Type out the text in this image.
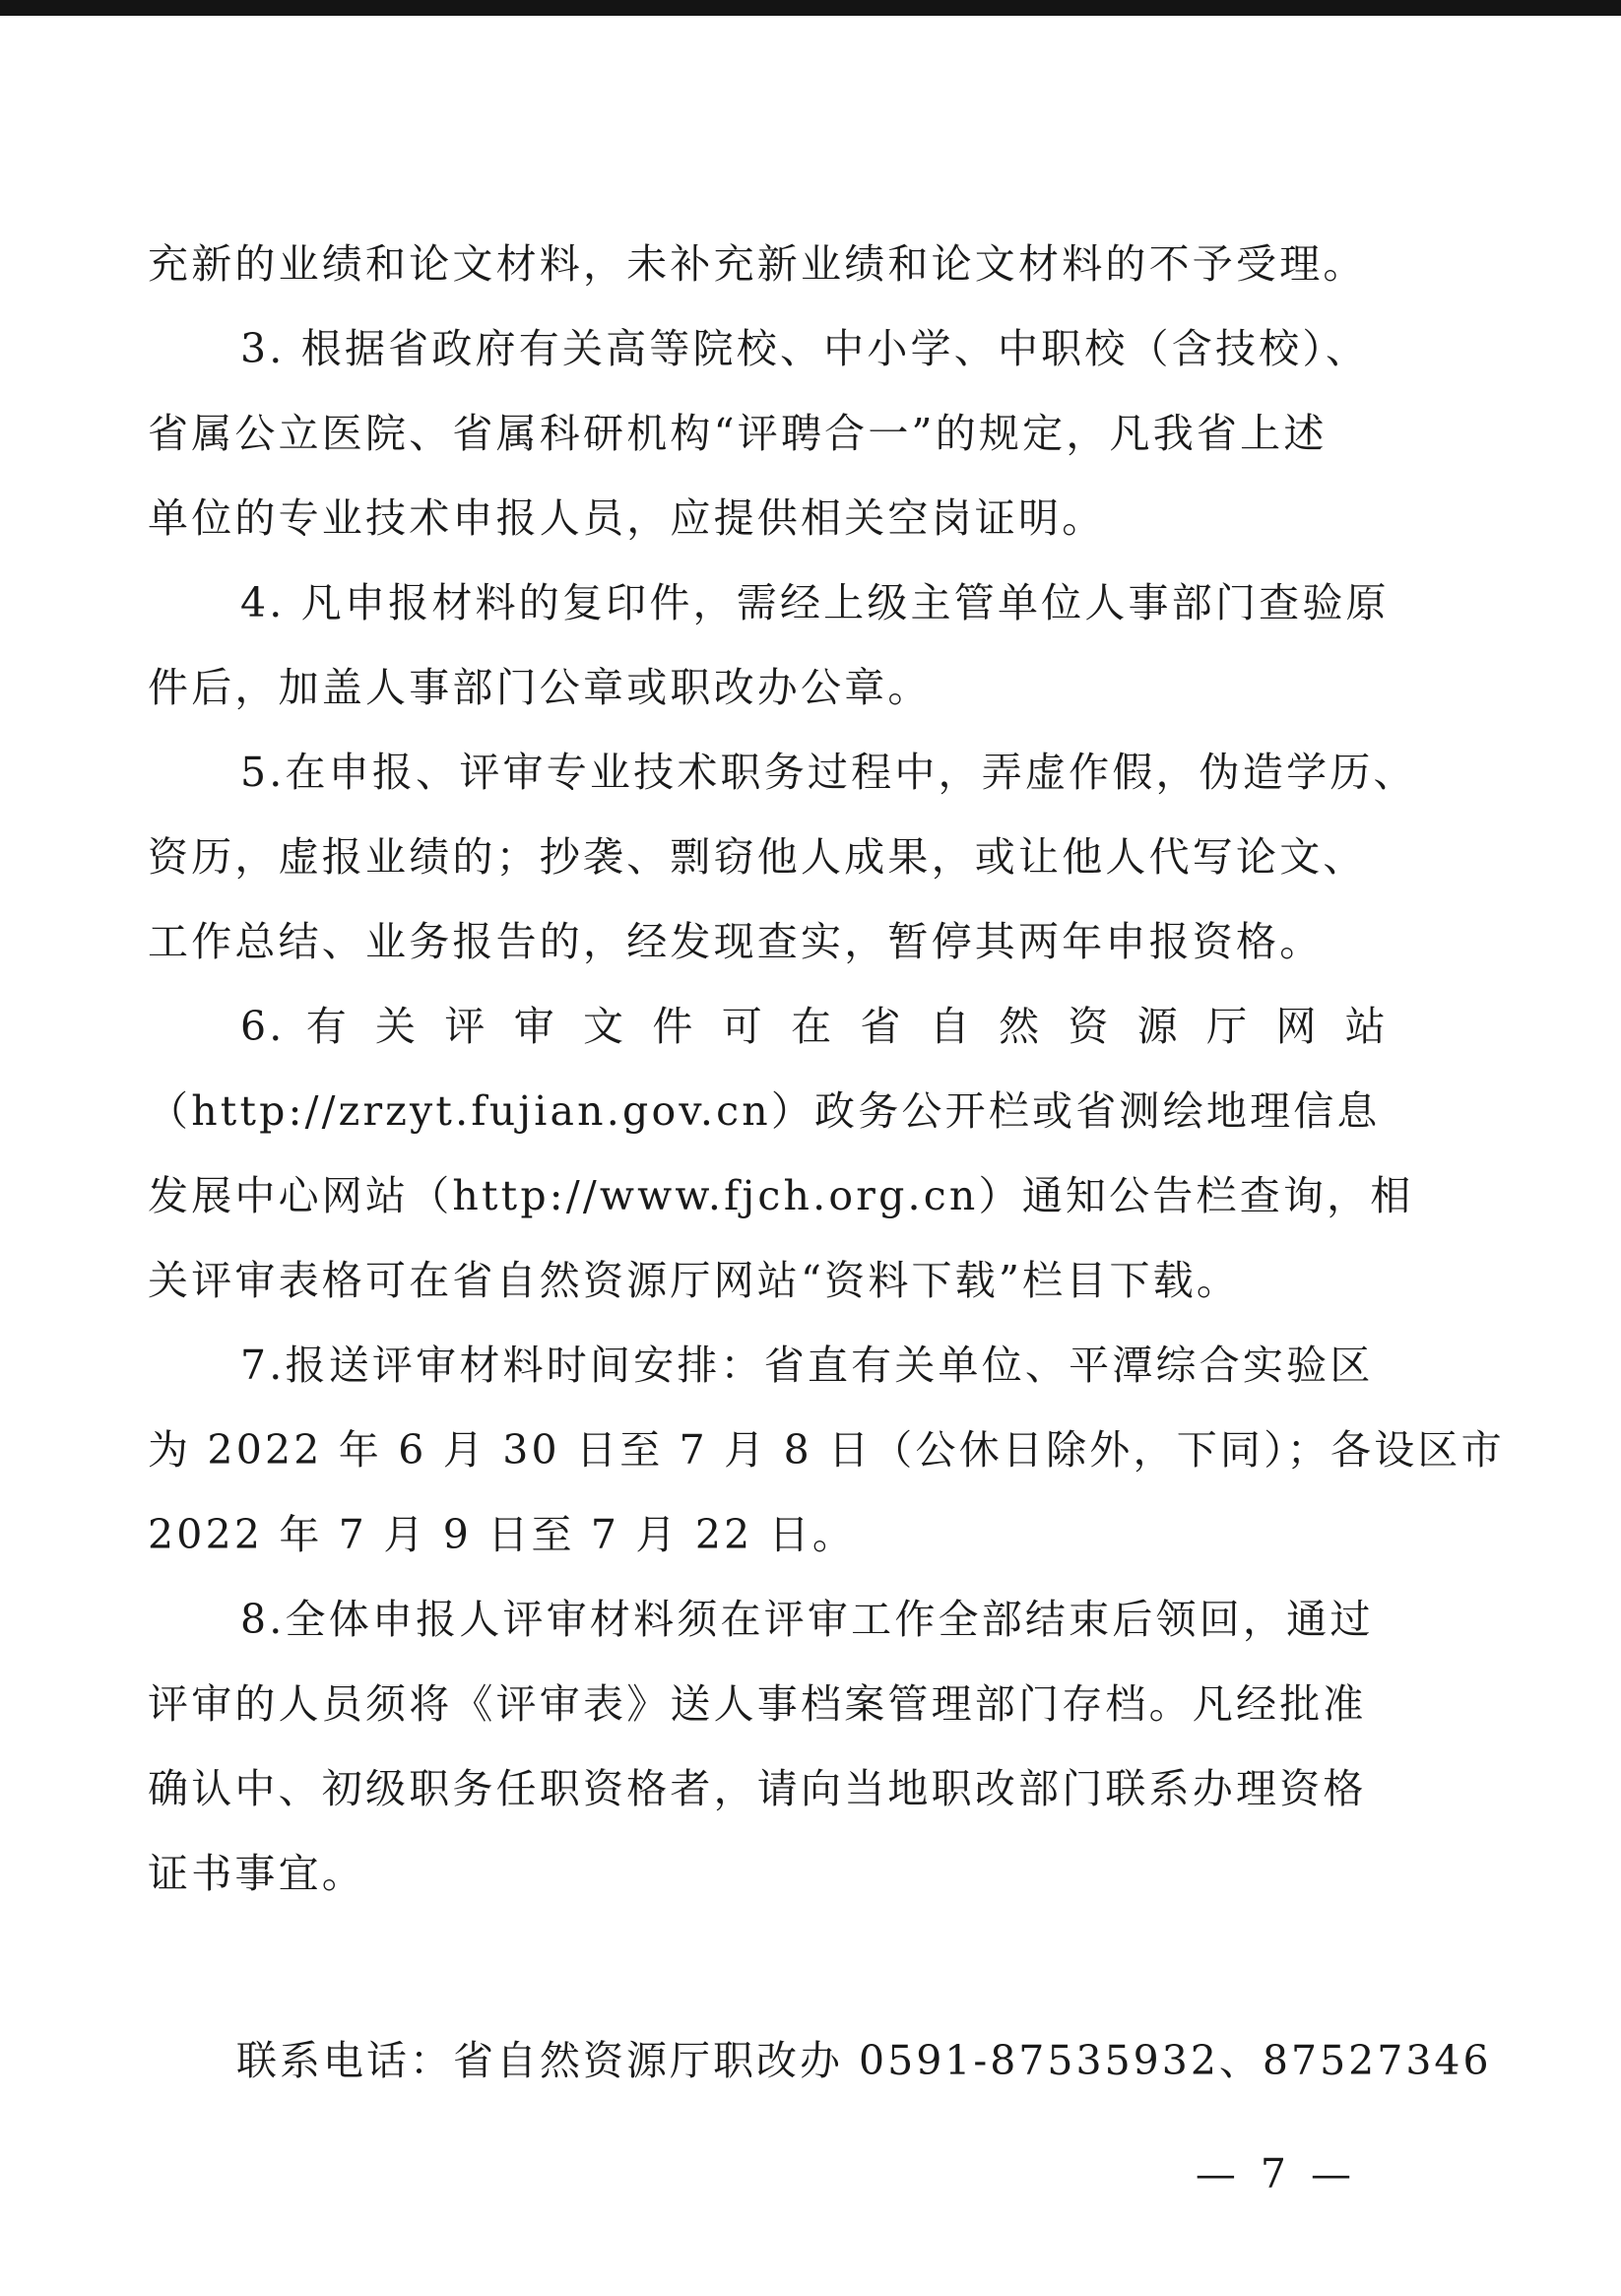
充新的业绩和论文材料，未补充新业绩和论文材料的不予受理。
3. 根据省政府有关高等院校、中小学、中职校（含技校）、
省属公立医院、省属科研机构“评聘合一”的规定，凡我省上述
单位的专业技术申报人员，应提供相关空岗证明。
4. 凡申报材料的复印件，需经上级主管单位人事部门查验原
件后，加盖人事部门公章或职改办公章。
5.在申报、评审专业技术职务过程中，弄虚作假，伪造学历、
资历，虚报业绩的；抄袭、剽窃他人成果，或让他人代写论文、
工作总结、业务报告的，经发现查实，暂停其两年申报资格。
6. 有 关 评 审 文 件 可 在 省 自 然 资 源 厅 网 站
（http://zrzyt.fujian.gov.cn）政务公开栏或省测绘地理信息
发展中心网站（http://www.fjch.org.cn）通知公告栏查询，相
关评审表格可在省自然资源厅网站“资料下载”栏目下载。
7.报送评审材料时间安排：省直有关单位、平潭综合实验区
为 2022 年 6 月 30 日至 7 月 8 日（公休日除外，下同）；各设区市
2022 年 7 月 9 日至 7 月 22 日。
8.全体申报人评审材料须在评审工作全部结束后领回，通过
评审的人员须将《评审表》送人事档案管理部门存档。凡经批准
确认中、初级职务任职资格者，请向当地职改部门联系办理资格
证书事宜。
联系电话：省自然资源厅职改办 0591-87535932、87527346
— 7 —
